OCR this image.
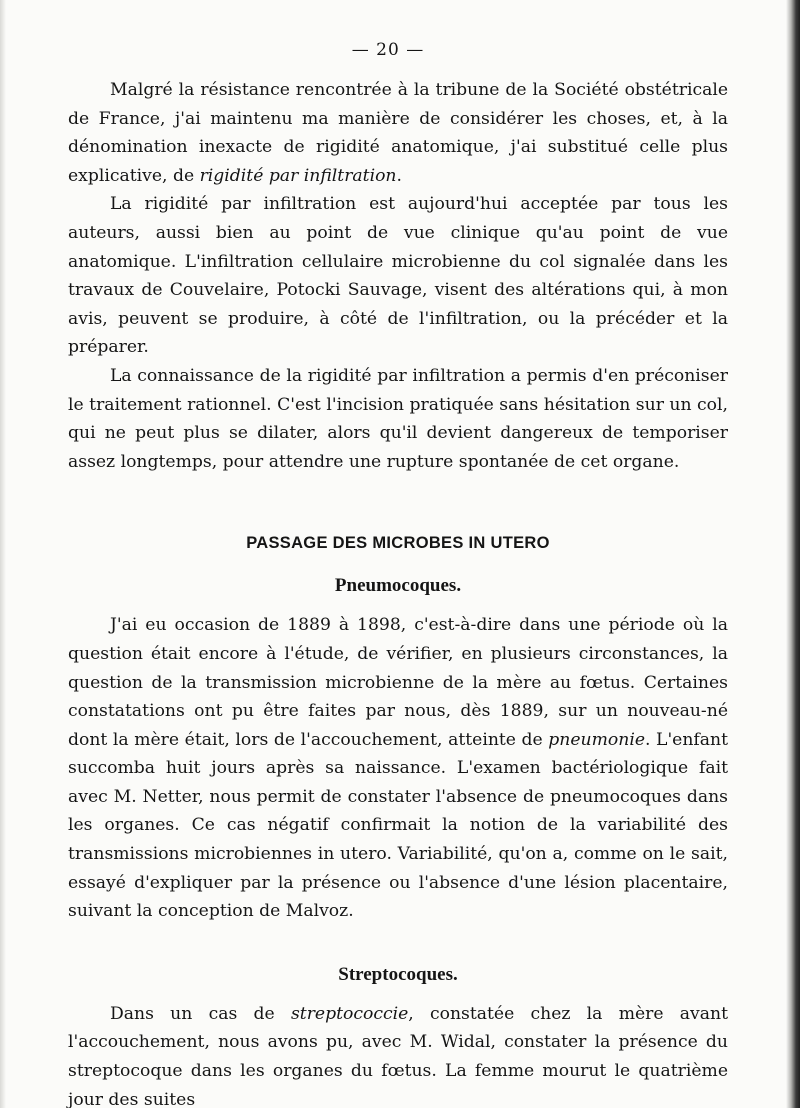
— 20 —

Malgré la résistance rencontrée à la tribune de la Société obstétricale de France, j'ai maintenu ma manière de considérer les choses, et, à la dénomination inexacte de rigidité anatomique, j'ai substitué celle plus explicative, de rigidité par infiltration.

La rigidité par infiltration est aujourd'hui acceptée par tous les auteurs, aussi bien au point de vue clinique qu'au point de vue anatomique. L'infiltration cellulaire microbienne du col signalée dans les travaux de Couvelaire, Potocki Sauvage, visent des altérations qui, à mon avis, peuvent se produire, à côté de l'infiltration, ou la précéder et la préparer.

La connaissance de la rigidité par infiltration a permis d'en préconiser le traitement rationnel. C'est l'incision pratiquée sans hésitation sur un col, qui ne peut plus se dilater, alors qu'il devient dangereux de temporiser assez longtemps, pour attendre une rupture spontanée de cet organe.

PASSAGE DES MICROBES IN UTERO
Pneumocoques.

J'ai eu occasion de 1889 à 1898, c'est-à-dire dans une période où la question était encore à l'étude, de vérifier, en plusieurs circonstances, la question de la transmission microbienne de la mère au fœtus. Certaines constatations ont pu être faites par nous, dès 1889, sur un nouveau-né dont la mère était, lors de l'accouchement, atteinte de pneumonie. L'enfant succomba huit jours après sa naissance. L'examen bactériologique fait avec M. Netter, nous permit de constater l'absence de pneumocoques dans les organes. Ce cas négatif confirmait la notion de la variabilité des transmissions microbiennes in utero. Variabilité, qu'on a, comme on le sait, essayé d'expliquer par la présence ou l'absence d'une lésion placentaire, suivant la conception de Malvoz.

Streptocoques.

Dans un cas de streptococcie, constatée chez la mère avant l'accouchement, nous avons pu, avec M. Widal, constater la présence du streptocoque dans les organes du fœtus. La femme mourut le quatrième jour des suites
